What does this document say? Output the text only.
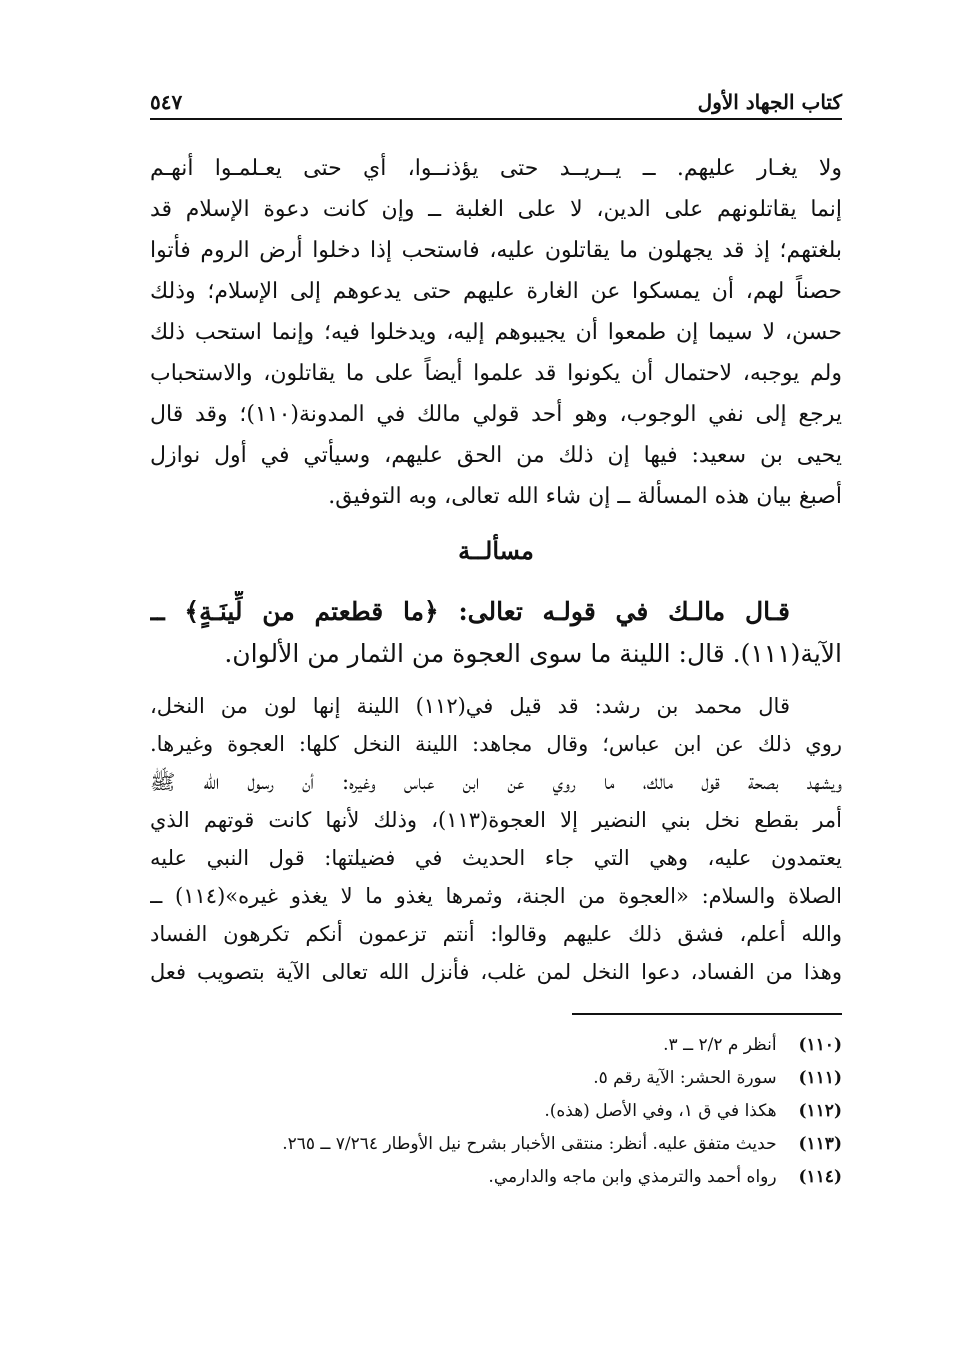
كتاب الجهاد الأول
٥٤٧
ولا يغـار عليهم. ــ يــريــد حتى يؤذنــوا، أي حتى يعـلمـوا أنهـم
إنما يقاتلونهم على الدين، لا على الغلبة ــ وإن كانت دعوة الإسلام قد
بلغتهم؛ إذ قد يجهلون ما يقاتلون عليه، فاستحب إذا دخلوا أرض الروم فأتوا
حصناً لهم، أن يمسكوا عن الغارة عليهم حتى يدعوهم إلى الإسلام؛ وذلك
حسن، لا سيما إن طمعوا أن يجيبوهم إليه، ويدخلوا فيه؛ وإنما استحب ذلك
ولم يوجبه، لاحتمال أن يكونوا قد علموا أيضاً على ما يقاتلون، والاستحباب
يرجع إلى نفي الوجوب، وهو أحد قولي مالك في المدونة(١١٠)؛ وقد قال
يحيى بن سعيد: فيها إن ذلك من الحق عليهم، وسيأتي في أول نوازل
أصبغ بيان هذه المسألة ــ إن شاء الله تعالى، وبه التوفيق.
مسألــة
قـال مالـك في قولـه تعالى: ﴿ما قطعتم من لِّينَـةٍ﴾ ــ
الآية(١١١). قال: اللينة ما سوى العجوة من الثمار من الألوان.
قال محمد بن رشد: قد قيل في(١١٢) اللينة إنها لون من النخل،
روي ذلك عن ابن عباس؛ وقال مجاهد: اللينة النخل كلها: العجوة وغيرها.
ويشهد بصحة قول مالك، ما روي عن ابن عباس وغيره: أن رسول الله ﷺ
أمر بقطع نخل بني النضير إلا العجوة(١١٣)، وذلك لأنها كانت قوتهم الذي
يعتمدون عليه، وهي التي جاء الحديث في فضيلتها: قول النبي عليه
الصلاة والسلام: «العجوة من الجنة، وثمرها يغذو ما لا يغذو غيره»(١١٤) ــ
والله أعلم، فشق ذلك عليهم وقالوا: أنتم تزعمون أنكم تكرهون الفساد
وهذا من الفساد، دعوا النخل لمن غلب، فأنزل الله تعالى الآية بتصويب فعل
(١١٠) أنظر م ٢/٢ ــ ٣.
(١١١) سورة الحشر: الآية رقم ٥.
(١١٢) هكذا في ق ١، وفي الأصل (هذه).
(١١٣) حديث متفق عليه. أنظر: منتقى الأخبار بشرح نيل الأوطار ٧/٢٦٤ ــ ٢٦٥.
(١١٤) رواه أحمد والترمذي وابن ماجه والدارمي.
